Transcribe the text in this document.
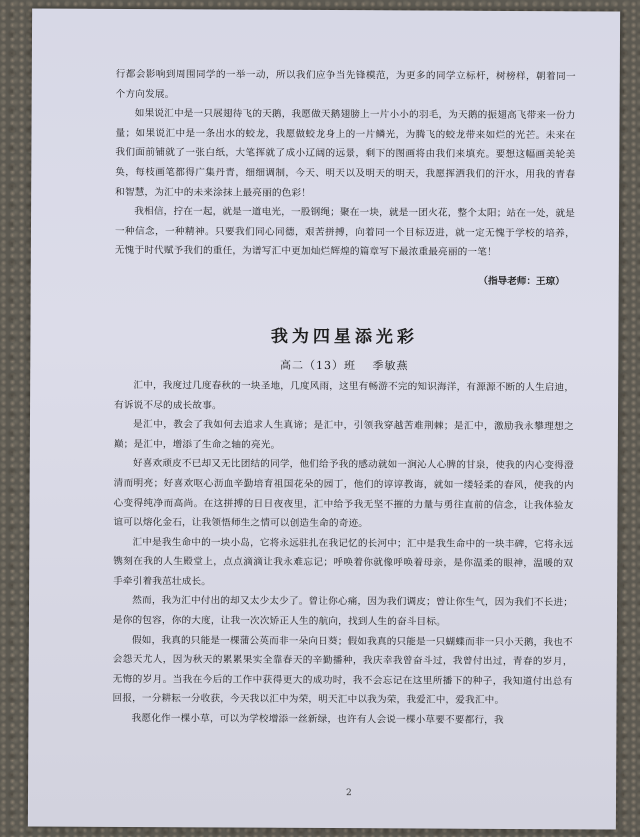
行都会影响到周围同学的一举一动，所以我们应争当先锋模范，为更多的同学立标杆，树榜样，朝着同一个方向发展。

如果说汇中是一只展翅待飞的天鹅，我愿做天鹅翅膀上一片小小的羽毛，为天鹅的振翅高飞带来一份力量；如果说汇中是一条出水的蛟龙，我愿做蛟龙身上的一片鳞光，为腾飞的蛟龙带来如烂的光芒。未来在我们面前铺就了一张白纸，大笔挥就了成小辽阔的远景，剩下的图画将由我们来填充。要想这幅画美轮美奂，每枝画笔都得广集丹青，细细调制，今天、明天以及明天的明天，我愿挥洒我们的汗水，用我的青春和智慧，为汇中的未来涂抹上最亮丽的色彩！

我相信，拧在一起，就是一道电光，一股钢绳；聚在一块，就是一团火花，整个太阳；站在一处，就是一种信念，一种精神。只要我们同心同德，艰苦拼搏，向着同一个目标迈进，就一定无愧于学校的培养，无愧于时代赋予我们的重任，为谱写汇中更加灿烂辉煌的篇章写下最浓重最亮丽的一笔！

（指导老师：王琼）
我为四星添光彩
高二（13）班 季敏燕

汇中，我度过几度春秋的一块圣地，几度风雨，这里有畅游不完的知识海洋，有源源不断的人生启迪，有诉说不尽的成长故事。

是汇中，教会了我如何去追求人生真谛；是汇中，引领我穿越苦难荆棘；是汇中，激励我永攀理想之巅；是汇中，增添了生命之轴的亮光。

好喜欢顽皮不已却又无比团结的同学，他们给予我的感动就如一涧沁人心脾的甘泉，使我的内心变得澄清而明亮；好喜欢呕心沥血辛勤培育祖国花朵的园丁，他们的谆谆教诲，就如一缕轻柔的春风，使我的内心变得纯净而高尚。在这拼搏的日日夜夜里，汇中给予我无坚不摧的力量与勇往直前的信念，让我体验友谊可以熔化金石，让我领悟师生之情可以创造生命的奇迹。

汇中是我生命中的一块小岛，它将永远驻扎在我记忆的长河中；汇中是我生命中的一块丰碑，它将永远镌刻在我的人生殿堂上，点点滴滴让我永难忘记；呼唤着你就像呼唤着母亲，是你温柔的眼神，温暖的双手牵引着我茁壮成长。

然而，我为汇中付出的却又太少太少了。曾让你心痛，因为我们调皮；曾让你生气，因为我们不长进；是你的包容，你的大度，让我一次次矫正人生的航向，找到人生的奋斗目标。

假如，我真的只能是一棵蒲公英而非一朵向日葵；假如我真的只能是一只蝴蝶而非一只小天鹅，我也不会怨天尤人，因为秋天的累累果实全靠春天的辛勤播种，我庆幸我曾奋斗过，我曾付出过，青春的岁月，无悔的岁月。当我在今后的工作中获得更大的成功时，我不会忘记在这里所播下的种子，我知道付出总有回报，一分耕耘一分收获，今天我以汇中为荣，明天汇中以我为荣，我爱汇中，爱我汇中。

我愿化作一棵小草，可以为学校增添一丝新绿，也许有人会说一棵小草要不要都行，我

2
